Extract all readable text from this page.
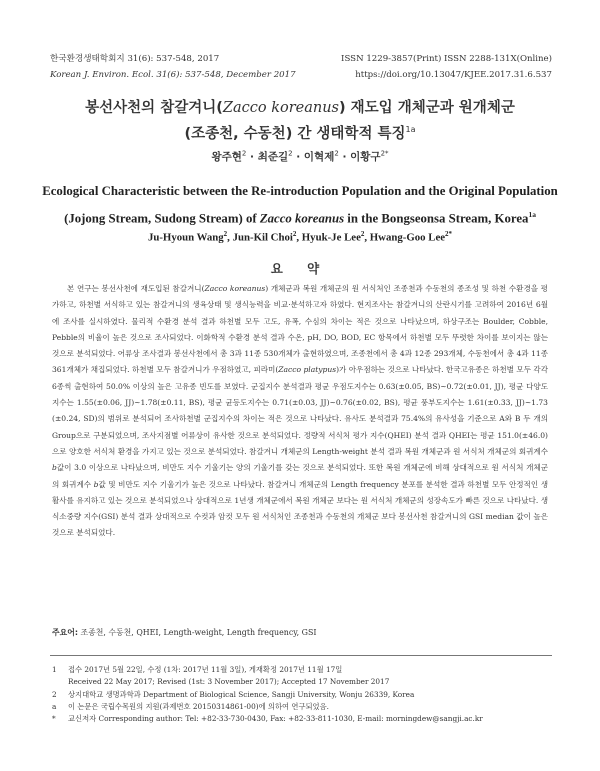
한국환경생태학회지 31(6): 537-548, 2017
Korean J. Environ. Ecol. 31(6): 537-548, December 2017
ISSN 1229-3857(Print) ISSN 2288-131X(Online)
https://doi.org/10.13047/KJEE.2017.31.6.537
봉선사천의 참갈겨니(Zacco koreanus) 재도입 개체군과 원개체군
(조종천, 수동천) 간 생태학적 특징$^{1a}$
왕주현$^2$ · 최준길$^2$ · 이혁제$^2$ · 이황구$^{2*}$
Ecological Characteristic between the Re-introduction Population and the Original Population
(Jojong Stream, Sudong Stream) of Zacco koreanus in the Bongseonsa Stream, Korea$^{1a}$
Ju-Hyoun Wang$^2$, Jun-Kil Choi$^2$, Hyuk-Je Lee$^2$, Hwang-Goo Lee$^{2*}$
요 약
본 연구는 봉선사천에 재도입된 참갈겨니(Zacco koreanus) 개체군과 복원 개체군의 원 서식처인 조종천과 수동천의 종조성 및 하천 수환경을 평가하고, 하천별 서식하고 있는 참갈겨니의 생육상태 및 생식능력을 비교·분석하고자 하였다. 현지조사는 참갈겨니의 산란시기를 고려하여 2016년 6월에 조사를 실시하였다. 물리적 수환경 분석 결과 하천별 모두 고도, 유폭, 수심의 차이는 적은 것으로 나타났으며, 하상구조는 Boulder, Cobble, Pebble의 비율이 높은 것으로 조사되었다. 이화학적 수환경 분석 결과 수온, pH, DO, BOD, EC 항목에서 하천별 모두 뚜렷한 차이를 보이지는 않는 것으로 분석되었다. 어류상 조사결과 봉선사천에서 총 3과 11종 530개체가 출현하였으며, 조종천에서 총 4과 12종 293개체, 수동천에서 총 4과 11종 361개체가 채집되었다. 하천별 모두 참갈겨니가 우점하였고, 피라미(Zacco platypus)가 아우점하는 것으로 나타났다. 한국고유종은 하천별 모두 각각 6종씩 출현하여 50.0% 이상의 높은 고유종 빈도를 보였다. 군집지수 분석결과 평균 우점도지수는 0.63(±0.05, BS)~0.72(±0.01, JJ), 평균 다양도지수는 1.55(±0.06, JJ)~1.78(±0.11, BS), 평균 균등도지수는 0.71(±0.03, JJ)~0.76(±0.02, BS), 평균 풍부도지수는 1.61(±0.33, JJ)~1.73 (±0.24, SD)의 범위로 분석되어 조사하천별 군집지수의 차이는 적은 것으로 나타났다. 유사도 분석결과 75.4%의 유사성을 기준으로 A와 B 두 개의 Group으로 구분되었으며, 조사지점별 어류상이 유사한 것으로 분석되었다. 정량적 서식처 평가 지수(QHEI) 분석 결과 QHEI는 평균 151.0(±46.0)으로 양호한 서식처 환경을 가지고 있는 것으로 분석되었다. 참갈겨니 개체군의 Length-weight 분석 결과 복원 개체군과 원 서식처 개체군의 회귀계수 b값이 3.0 이상으로 나타났으며, 비만도 지수 기울기는 양의 기울기를 갖는 것으로 분석되었다. 또한 복원 개체군에 비해 상대적으로 원 서식처 개체군의 회귀계수 b값 및 비만도 지수 기울기가 높은 것으로 나타났다. 참갈겨니 개체군의 Length frequency 분포를 분석한 결과 하천별 모두 안정적인 생활사를 유지하고 있는 것으로 분석되었으나 상대적으로 1년생 개체군에서 복원 개체군 보다는 원 서식처 개체군의 성장속도가 빠른 것으로 나타났다. 생식소중량 지수(GSI) 분석 결과 상대적으로 수컷과 암컷 모두 원 서식처인 조종천과 수동천의 개체군 보다 봉선사천 참갈겨니의 GSI median 값이 높은 것으로 분석되었다.
주요어: 조종천, 수동천, QHEI, Length-weight, Length frequency, GSI
1 접수 2017년 5월 22일, 수정 (1차: 2017년 11월 3일), 게재확정 2017년 11월 17일
Received 22 May 2017; Revised (1st: 3 November 2017); Accepted 17 November 2017
2 상지대학교 생명과학과 Department of Biological Science, Sangji University, Wonju 26339, Korea
a 이 논문은 국립수목원의 지원(과제번호 20150314861-00)에 의하여 연구되었음.
* 교신저자 Corresponding author: Tel: +82-33-730-0430, Fax: +82-33-811-1030, E-mail: morningdew@sangji.ac.kr
